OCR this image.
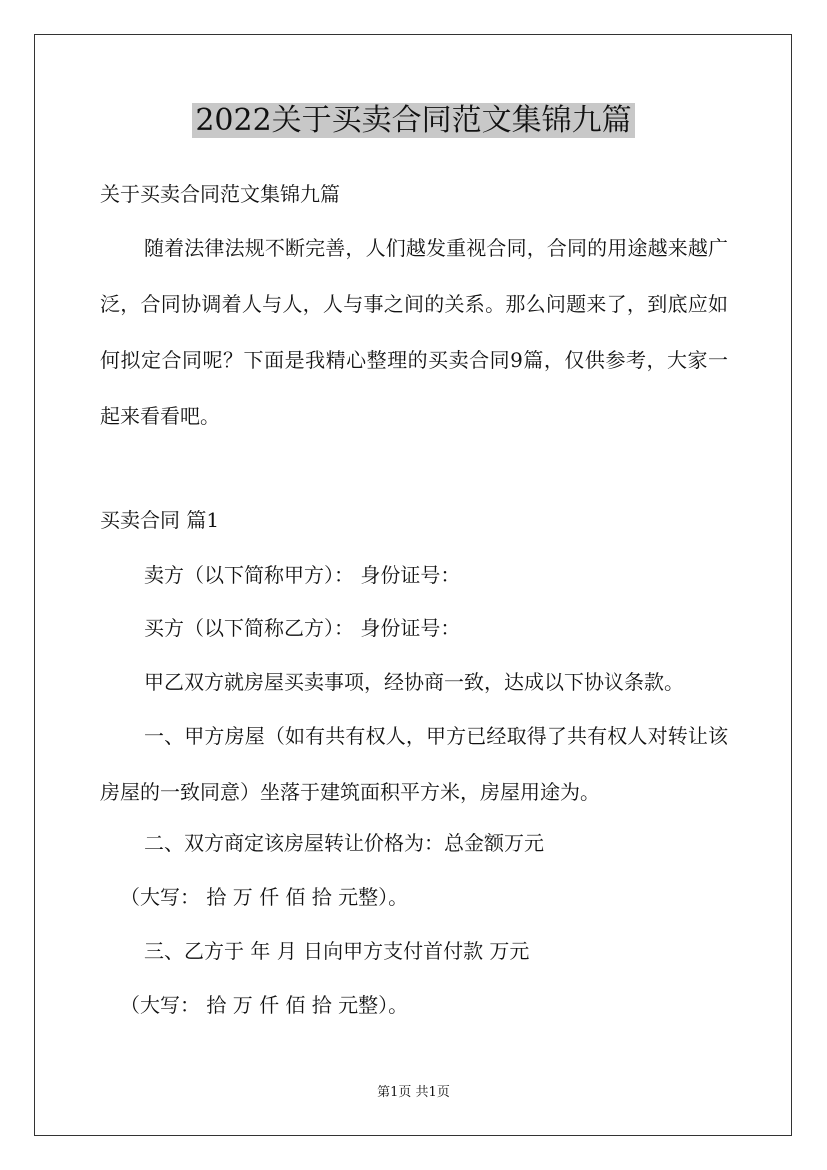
2022关于买卖合同范文集锦九篇
关于买卖合同范文集锦九篇
随着法律法规不断完善，人们越发重视合同，合同的用途越来越广泛，合同协调着人与人，人与事之间的关系。那么问题来了，到底应如何拟定合同呢？下面是我精心整理的买卖合同9篇，仅供参考，大家一起来看看吧。
买卖合同 篇1
卖方（以下简称甲方）： 身份证号：
买方（以下简称乙方）： 身份证号：
甲乙双方就房屋买卖事项，经协商一致，达成以下协议条款。
一、甲方房屋（如有共有权人，甲方已经取得了共有权人对转让该房屋的一致同意）坐落于建筑面积平方米，房屋用途为。
二、双方商定该房屋转让价格为：总金额万元
（大写： 拾 万 仟 佰 拾 元整）。
三、乙方于 年 月 日向甲方支付首付款 万元
（大写： 拾 万 仟 佰 拾 元整）。
第1页 共1页
